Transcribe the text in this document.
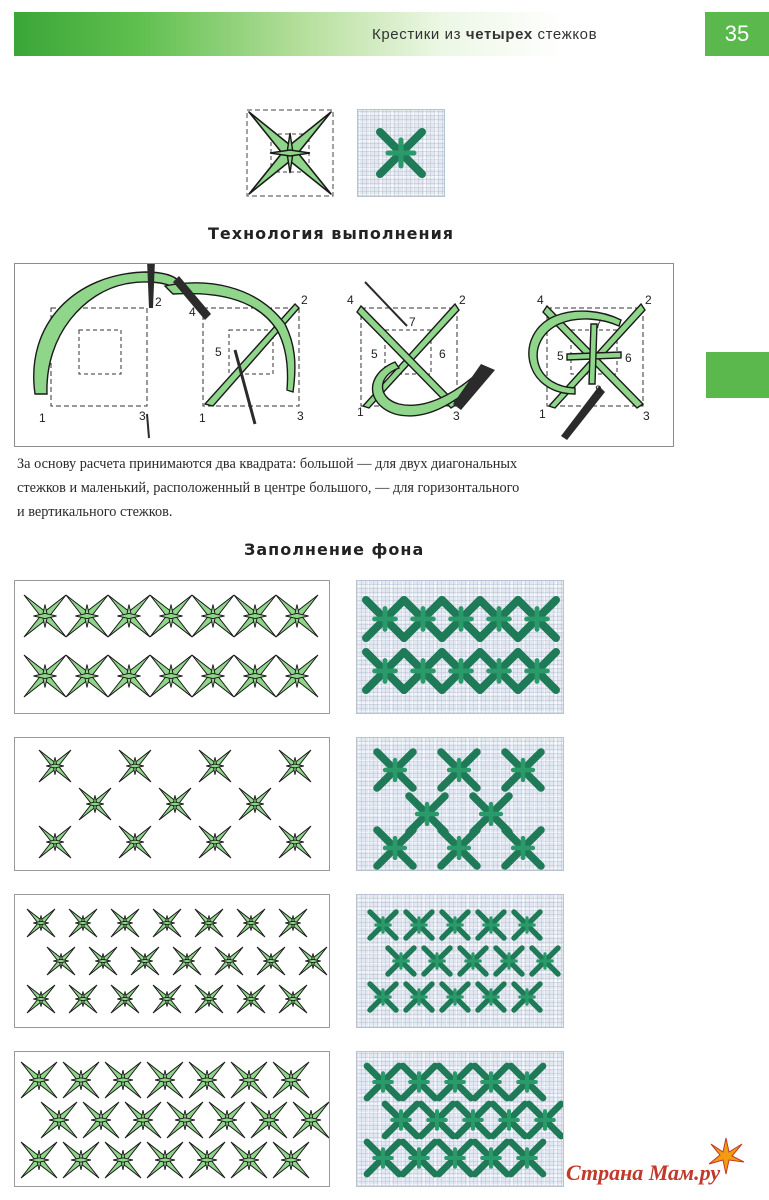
Крестики из четырех стежков	35
Технология выполнения
1
2
3
4
1
2
3
5
4	2
1	3
5	6
7
4	2
1	3
5	6
7
8

За основу расчета принимаются два квадрата: большой — для двух диагональных

стежков и маленький, расположенный в центре большого, — для горизонтального

и вертикального стежков.

Заполнение фона
Страна Мам.ру
